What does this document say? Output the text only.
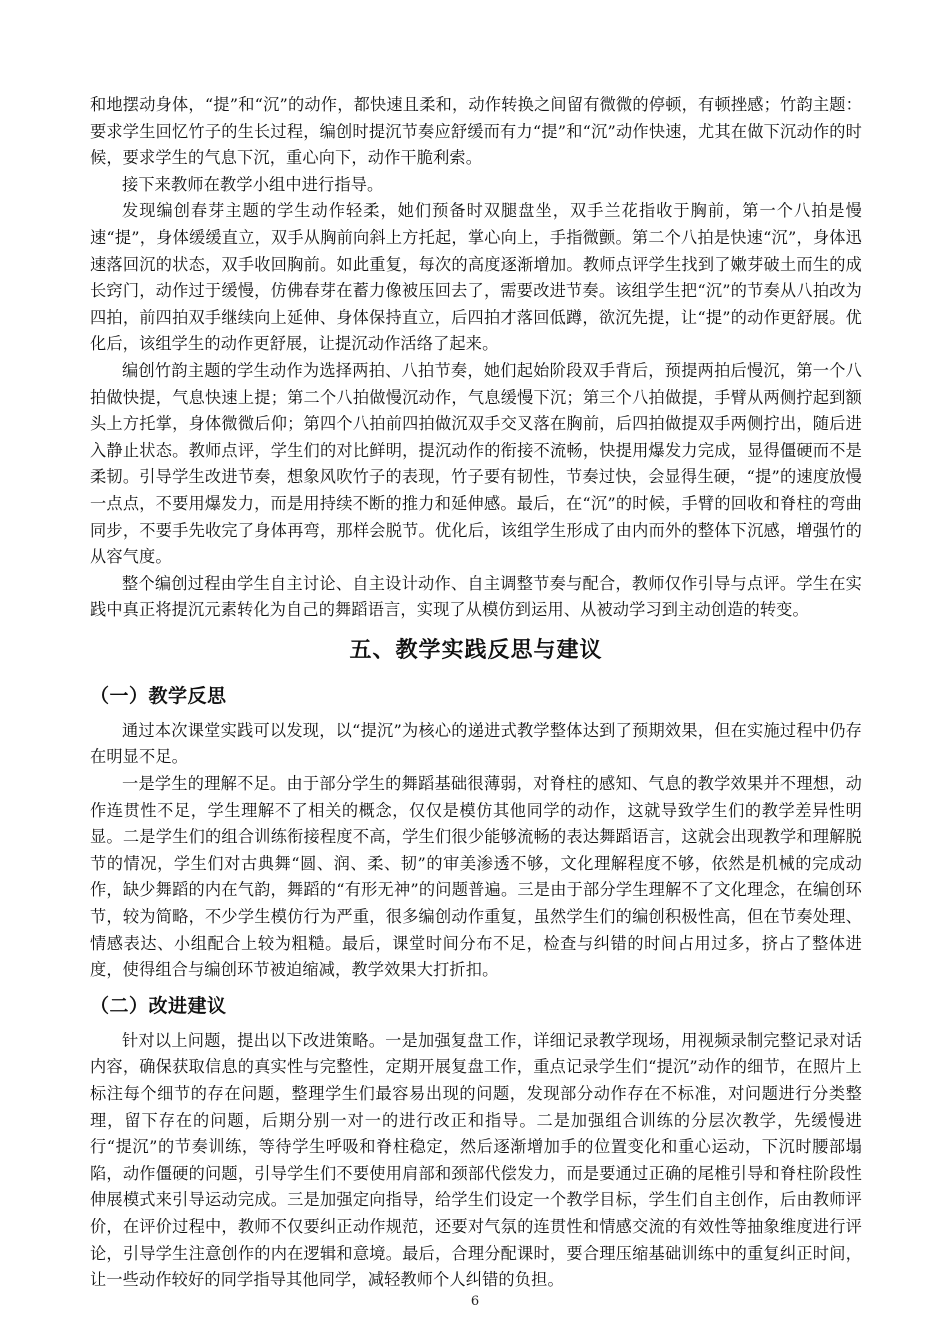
和地摆动身体，“提”和“沉”的动作，都快速且柔和，动作转换之间留有微微的停顿，有顿挫感；竹韵主题：要求学生回忆竹子的生长过程，编创时提沉节奏应舒缓而有力“提”和“沉”动作快速，尤其在做下沉动作的时候，要求学生的气息下沉，重心向下，动作干脆利索。

接下来教师在教学小组中进行指导。

发现编创春芽主题的学生动作轻柔，她们预备时双腿盘坐，双手兰花指收于胸前，第一个八拍是慢速“提”，身体缓缓直立，双手从胸前向斜上方托起，掌心向上，手指微颤。第二个八拍是快速“沉”，身体迅速落回沉的状态，双手收回胸前。如此重复，每次的高度逐渐增加。教师点评学生找到了嫩芽破土而生的成长窍门，动作过于缓慢，仿佛春芽在蓄力像被压回去了，需要改进节奏。该组学生把“沉”的节奏从八拍改为四拍，前四拍双手继续向上延伸、身体保持直立，后四拍才落回低蹲，欲沉先提，让“提”的动作更舒展。优化后，该组学生的动作更舒展，让提沉动作活络了起来。

编创竹韵主题的学生动作为选择两拍、八拍节奏，她们起始阶段双手背后，预提两拍后慢沉，第一个八拍做快提，气息快速上提；第二个八拍做慢沉动作，气息缓慢下沉；第三个八拍做提，手臂从两侧拧起到额头上方托掌，身体微微后仰；第四个八拍前四拍做沉双手交叉落在胸前，后四拍做提双手两侧拧出，随后进入静止状态。教师点评，学生们的对比鲜明，提沉动作的衔接不流畅，快提用爆发力完成，显得僵硬而不是柔韧。引导学生改进节奏，想象风吹竹子的表现，竹子要有韧性，节奏过快，会显得生硬，“提”的速度放慢一点点，不要用爆发力，而是用持续不断的推力和延伸感。最后，在“沉”的时候，手臂的回收和脊柱的弯曲同步，不要手先收完了身体再弯，那样会脱节。优化后，该组学生形成了由内而外的整体下沉感，增强竹的从容气度。

整个编创过程由学生自主讨论、自主设计动作、自主调整节奏与配合，教师仅作引导与点评。学生在实践中真正将提沉元素转化为自己的舞蹈语言，实现了从模仿到运用、从被动学习到主动创造的转变。

五、教学实践反思与建议
（一）教学反思

通过本次课堂实践可以发现，以“提沉”为核心的递进式教学整体达到了预期效果，但在实施过程中仍存在明显不足。

一是学生的理解不足。由于部分学生的舞蹈基础很薄弱，对脊柱的感知、气息的教学效果并不理想，动作连贯性不足，学生理解不了相关的概念，仅仅是模仿其他同学的动作，这就导致学生们的教学差异性明显。二是学生们的组合训练衔接程度不高，学生们很少能够流畅的表达舞蹈语言，这就会出现教学和理解脱节的情况，学生们对古典舞“圆、润、柔、韧”的审美渗透不够，文化理解程度不够，依然是机械的完成动作，缺少舞蹈的内在气韵，舞蹈的“有形无神”的问题普遍。三是由于部分学生理解不了文化理念，在编创环节，较为简略，不少学生模仿行为严重，很多编创动作重复，虽然学生们的编创积极性高，但在节奏处理、情感表达、小组配合上较为粗糙。最后，课堂时间分布不足，检查与纠错的时间占用过多，挤占了整体进度，使得组合与编创环节被迫缩减，教学效果大打折扣。

（二）改进建议

针对以上问题，提出以下改进策略。一是加强复盘工作，详细记录教学现场，用视频录制完整记录对话内容，确保获取信息的真实性与完整性，定期开展复盘工作，重点记录学生们“提沉”动作的细节，在照片上标注每个细节的存在问题，整理学生们最容易出现的问题，发现部分动作存在不标准，对问题进行分类整理，留下存在的问题，后期分别一对一的进行改正和指导。二是加强组合训练的分层次教学，先缓慢进行“提沉”的节奏训练，等待学生呼吸和脊柱稳定，然后逐渐增加手的位置变化和重心运动，下沉时腰部塌陷，动作僵硬的问题，引导学生们不要使用肩部和颈部代偿发力，而是要通过正确的尾椎引导和脊柱阶段性伸展模式来引导运动完成。三是加强定向指导，给学生们设定一个教学目标，学生们自主创作，后由教师评价，在评价过程中，教师不仅要纠正动作规范，还要对气氛的连贯性和情感交流的有效性等抽象维度进行评论，引导学生注意创作的内在逻辑和意境。最后，合理分配课时，要合理压缩基础训练中的重复纠正时间，让一些动作较好的同学指导其他同学，减轻教师个人纠错的负担。

6
